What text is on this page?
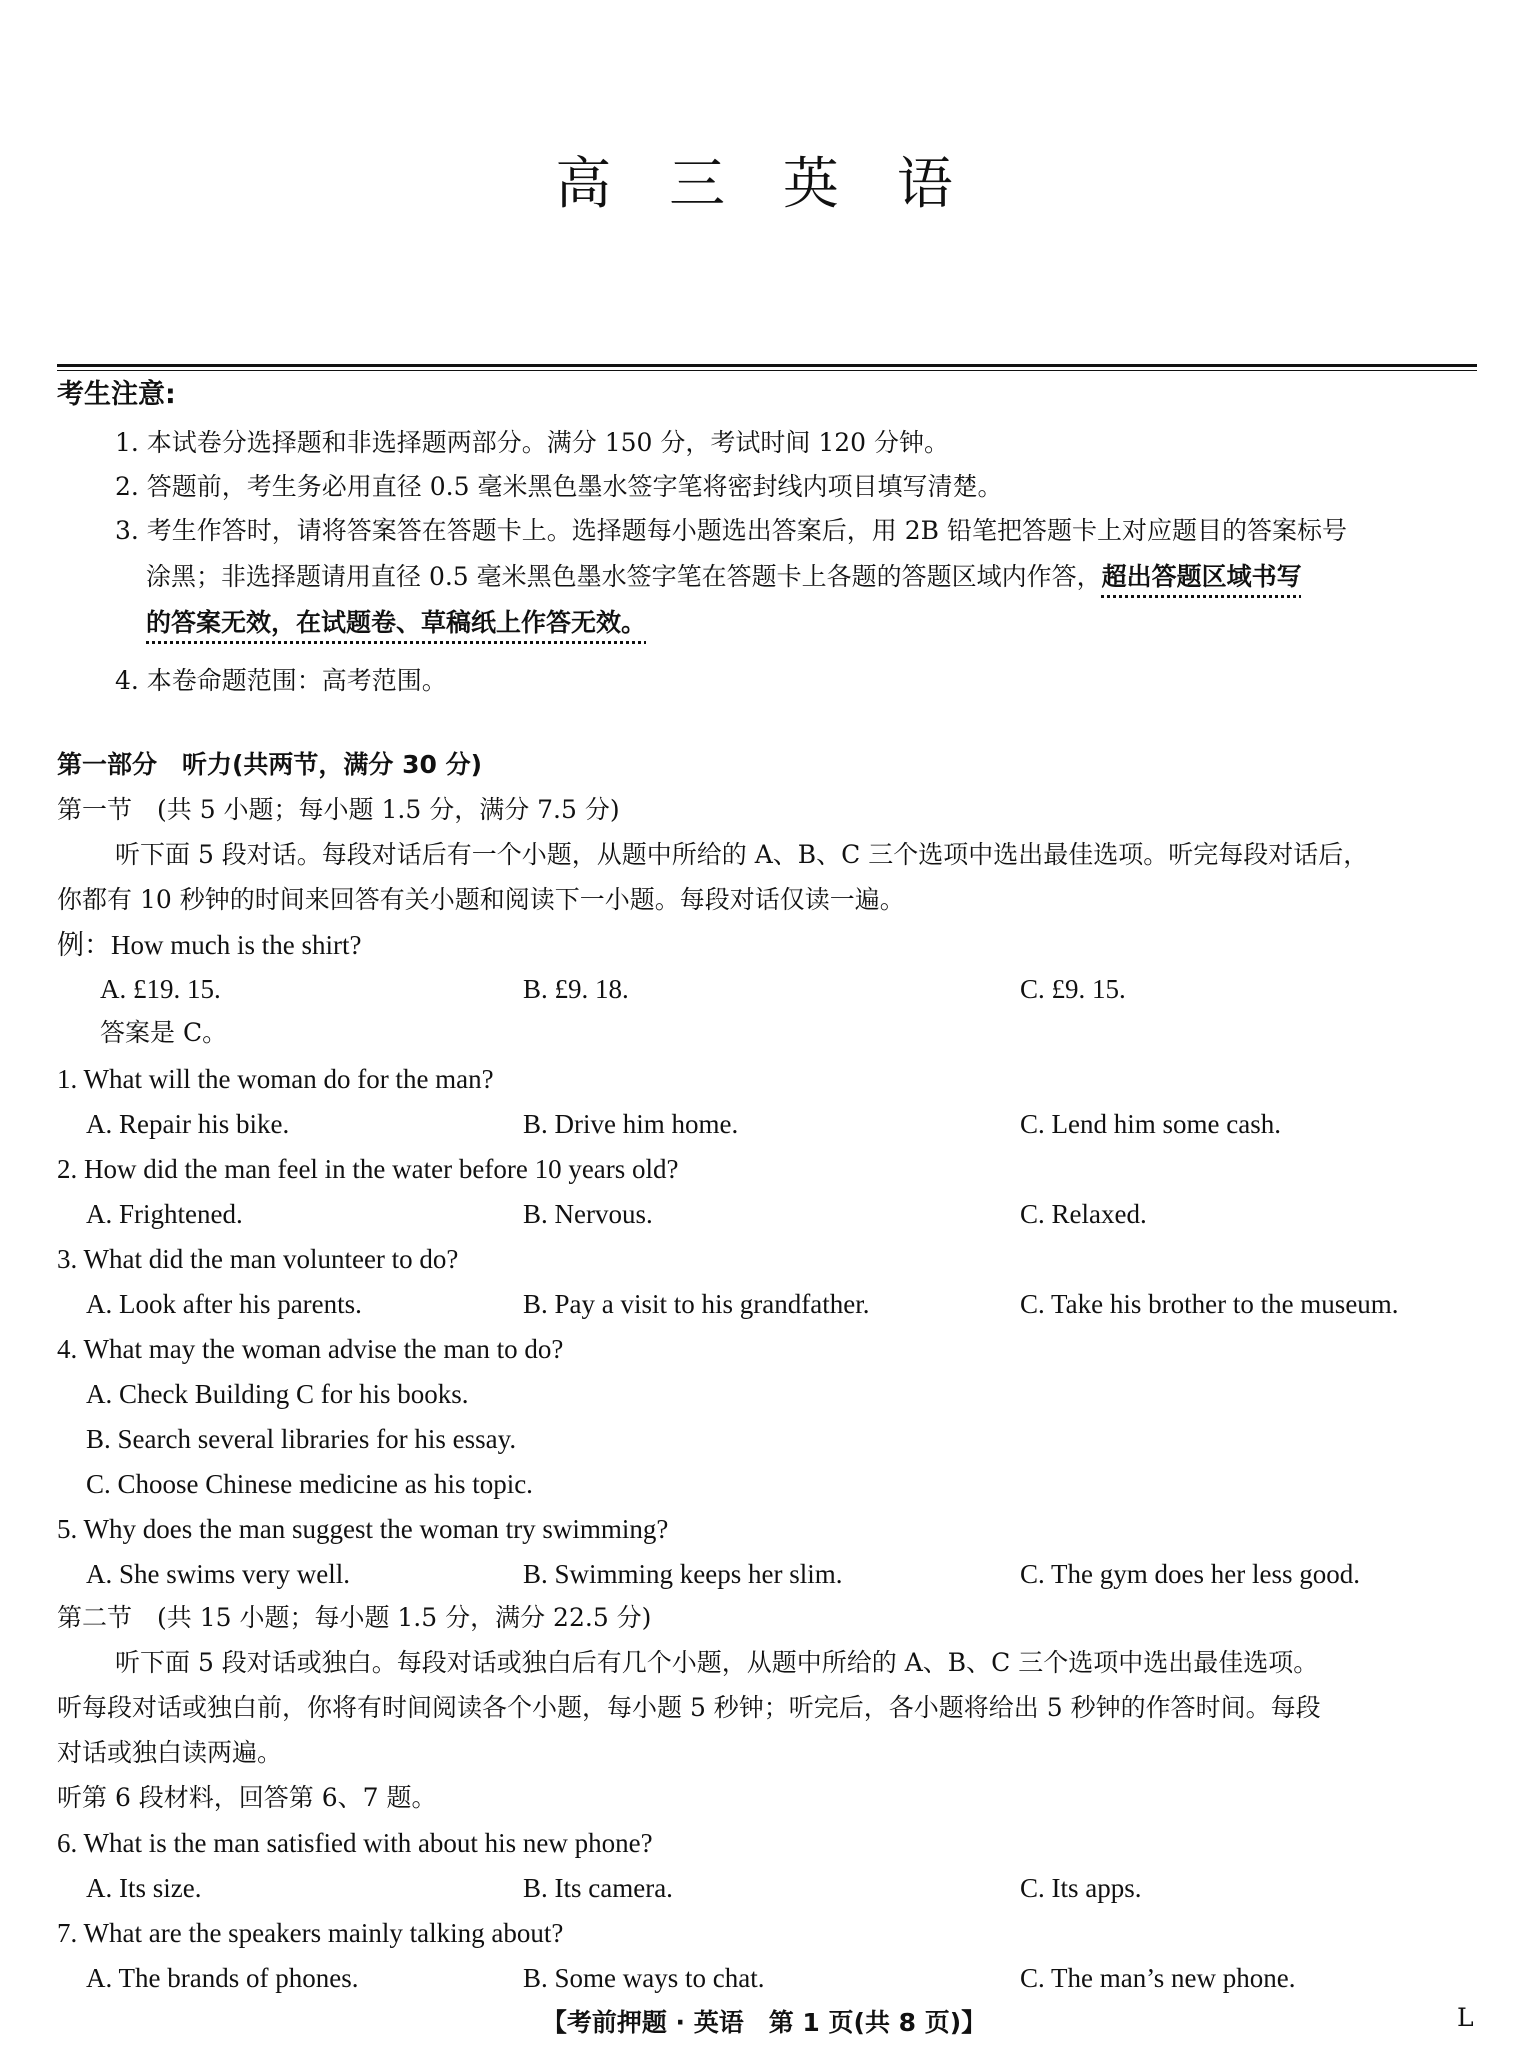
高 三 英 语
考生注意:
1. 本试卷分选择题和非选择题两部分。满分 150 分，考试时间 120 分钟。
2. 答题前，考生务必用直径 0.5 毫米黑色墨水签字笔将密封线内项目填写清楚。
3. 考生作答时，请将答案答在答题卡上。选择题每小题选出答案后，用 2B 铅笔把答题卡上对应题目的答案标号
涂黑；非选择题请用直径 0.5 毫米黑色墨水签字笔在答题卡上各题的答题区域内作答，超出答题区域书写
的答案无效，在试题卷、草稿纸上作答无效。
4. 本卷命题范围：高考范围。
第一部分　听力(共两节，满分 30 分)
第一节　(共 5 小题；每小题 1.5 分，满分 7.5 分)
听下面 5 段对话。每段对话后有一个小题，从题中所给的 A、B、C 三个选项中选出最佳选项。听完每段对话后，
你都有 10 秒钟的时间来回答有关小题和阅读下一小题。每段对话仅读一遍。
例：How much is the shirt?
A. £19. 15.	B. £9. 18.	C. £9. 15.
答案是 C。
1. What will the woman do for the man?
A. Repair his bike.	B. Drive him home.	C. Lend him some cash.
2. How did the man feel in the water before 10 years old?
A. Frightened.	B. Nervous.	C. Relaxed.
3. What did the man volunteer to do?
A. Look after his parents.	B. Pay a visit to his grandfather.	C. Take his brother to the museum.
4. What may the woman advise the man to do?
A. Check Building C for his books.
B. Search several libraries for his essay.
C. Choose Chinese medicine as his topic.
5. Why does the man suggest the woman try swimming?
A. She swims very well.	B. Swimming keeps her slim.	C. The gym does her less good.
第二节　(共 15 小题；每小题 1.5 分，满分 22.5 分)
听下面 5 段对话或独白。每段对话或独白后有几个小题，从题中所给的 A、B、C 三个选项中选出最佳选项。
听每段对话或独白前，你将有时间阅读各个小题，每小题 5 秒钟；听完后，各小题将给出 5 秒钟的作答时间。每段
对话或独白读两遍。
听第 6 段材料，回答第 6、7 题。
6. What is the man satisfied with about his new phone?
A. Its size.	B. Its camera.	C. Its apps.
7. What are the speakers mainly talking about?
A. The brands of phones.	B. Some ways to chat.	C. The man’s new phone.
【考前押题 · 英语　第 1 页(共 8 页)】	L
